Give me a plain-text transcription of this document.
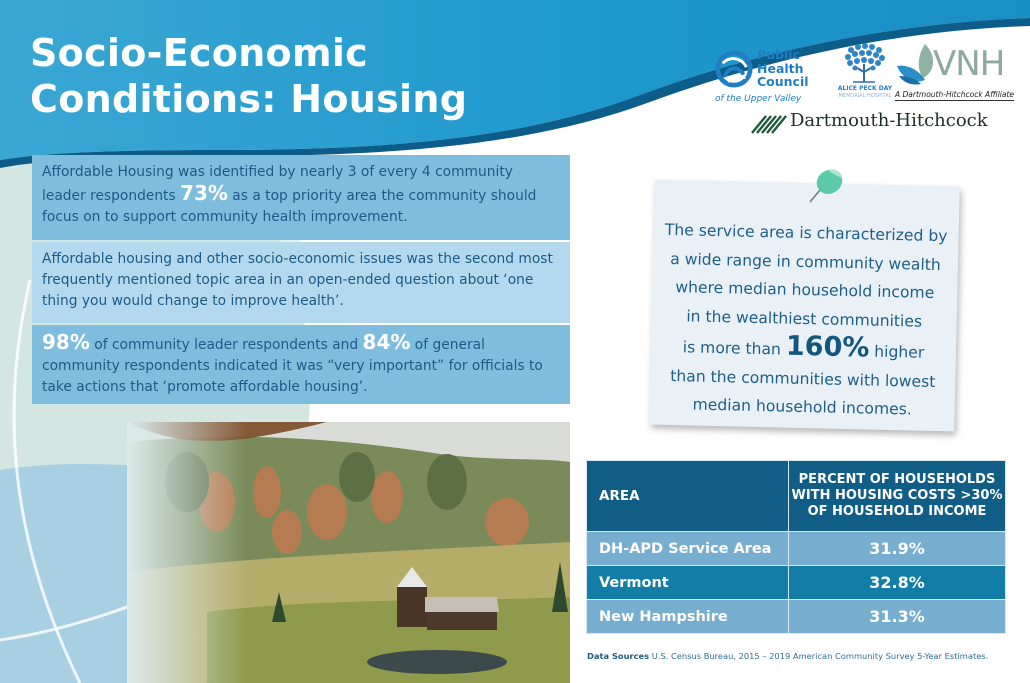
Socio-Economic
Conditions: Housing
Public
Health
Council
of the Upper Valley
ALICE PECK DAY
MEMORIAL HOSPITAL
VNH
A Dartmouth-Hitchcock Affiliate
Dartmouth-Hitchcock
Affordable Housing was identified by nearly 3 of every 4 community leader respondents 73% as a top priority area the community should focus on to support community health improvement.
Affordable housing and other socio-economic issues was the second most frequently mentioned topic area in an open-ended question about ‘one thing you would change to improve health’.
98% of community leader respondents and 84% of general community respondents indicated it was “very important” for officials to take actions that ‘promote affordable housing’.
The service area is characterized by
a wide range in community wealth
where median household income
in the wealthiest communities
is more than 160% higher
than the communities with lowest
median household incomes.
AREA	PERCENT OF HOUSEHOLDS
WITH HOUSING COSTS >30%
OF HOUSEHOLD INCOME

DH-APD Service Area	31.9%
Vermont	32.8%
New Hampshire	31.3%
Data Sources U.S. Census Bureau, 2015 – 2019 American Community Survey 5-Year Estimates.
